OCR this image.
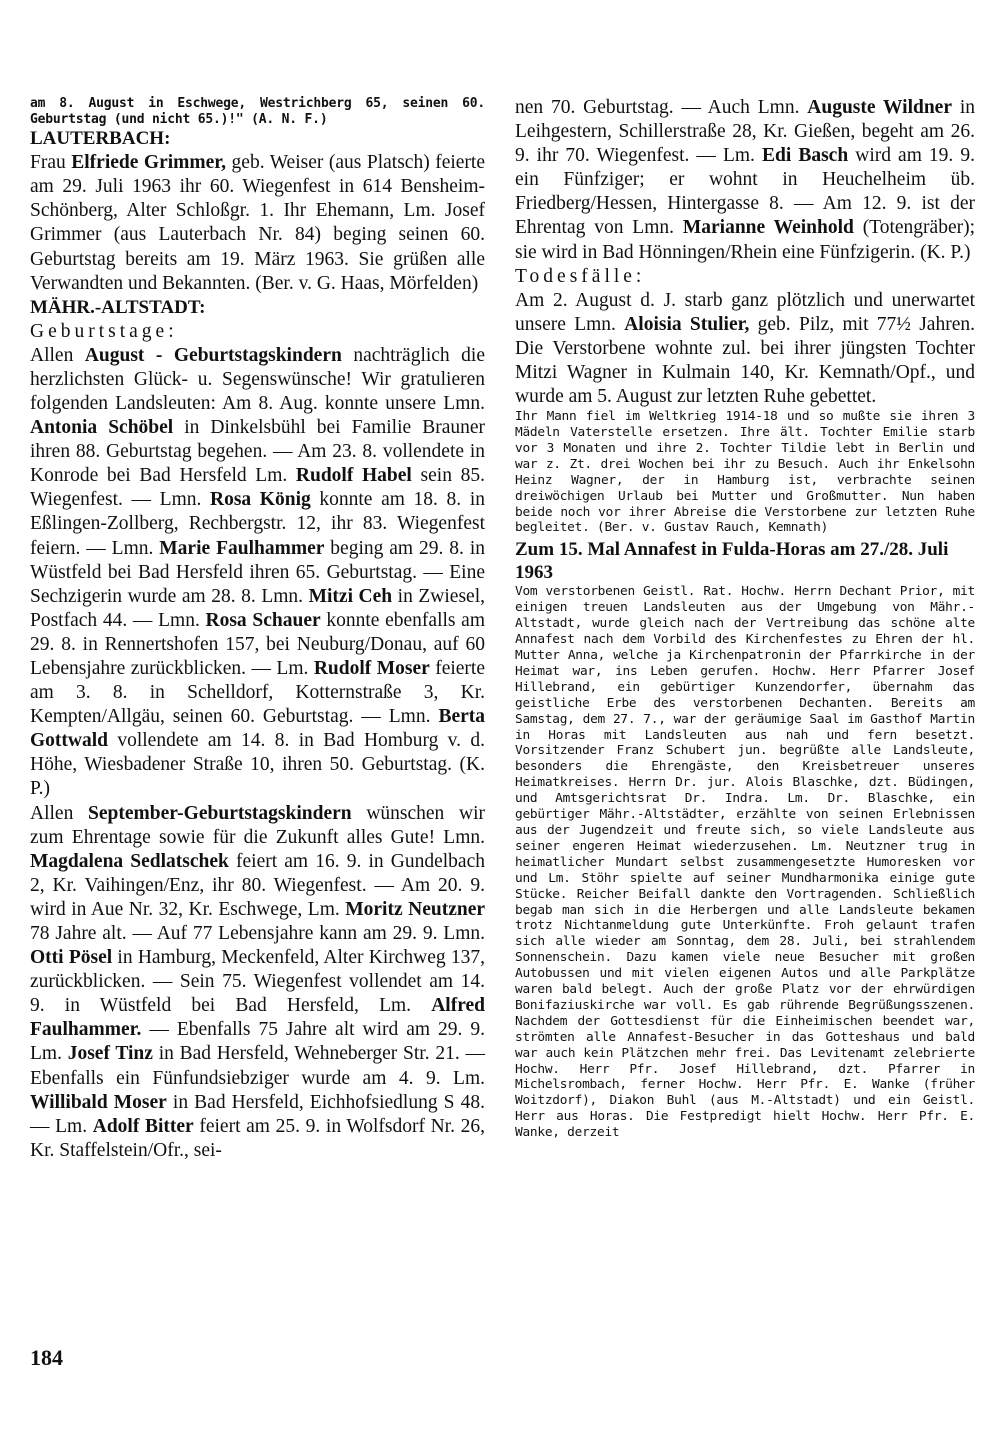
am 8. August in Eschwege, Westrichberg 65, seinen 60. Geburtstag (und nicht 65.)!" (A. N. F.)

LAUTERBACH:

Frau Elfriede Grimmer, geb. Weiser (aus Platsch) feierte am 29. Juli 1963 ihr 60. Wiegenfest in 614 Bensheim-Schönberg, Alter Schloßgr. 1. Ihr Ehemann, Lm. Josef Grimmer (aus Lauterbach Nr. 84) beging seinen 60. Geburtstag bereits am 19. März 1963. Sie grüßen alle Verwandten und Bekannten. (Ber. v. G. Haas, Mörfelden)

MÄHR.-ALTSTADT:
Geburtstage:

Allen August - Geburtstagskindern nachträglich die herzlichsten Glück- u. Segenswünsche! Wir gratulieren folgenden Landsleuten: Am 8. Aug. konnte unsere Lmn. Antonia Schöbel in Dinkelsbühl bei Familie Brauner ihren 88. Geburtstag begehen. — Am 23. 8. vollendete in Konrode bei Bad Hersfeld Lm. Rudolf Habel sein 85. Wiegenfest. — Lmn. Rosa König konnte am 18. 8. in Eßlingen-Zollberg, Rechbergstr. 12, ihr 83. Wiegenfest feiern. — Lmn. Marie Faulhammer beging am 29. 8. in Wüstfeld bei Bad Hersfeld ihren 65. Geburtstag. — Eine Sechzigerin wurde am 28. 8. Lmn. Mitzi Ceh in Zwiesel, Postfach 44. — Lmn. Rosa Schauer konnte ebenfalls am 29. 8. in Rennertshofen 157, bei Neuburg/Donau, auf 60 Lebensjahre zurückblicken. — Lm. Rudolf Moser feierte am 3. 8. in Schelldorf, Kotternstraße 3, Kr. Kempten/Allgäu, seinen 60. Geburtstag. — Lmn. Berta Gottwald vollendete am 14. 8. in Bad Homburg v. d. Höhe, Wiesbadener Straße 10, ihren 50. Geburtstag. (K. P.)

Allen September-Geburtstagskindern wünschen wir zum Ehrentage sowie für die Zukunft alles Gute! Lmn. Magdalena Sedlatschek feiert am 16. 9. in Gundelbach 2, Kr. Vaihingen/Enz, ihr 80. Wiegenfest. — Am 20. 9. wird in Aue Nr. 32, Kr. Eschwege, Lm. Moritz Neutzner 78 Jahre alt. — Auf 77 Lebensjahre kann am 29. 9. Lmn. Otti Pösel in Hamburg, Meckenfeld, Alter Kirchweg 137, zurückblicken. — Sein 75. Wiegenfest vollendet am 14. 9. in Wüstfeld bei Bad Hersfeld, Lm. Alfred Faulhammer. — Ebenfalls 75 Jahre alt wird am 29. 9. Lm. Josef Tinz in Bad Hersfeld, Wehneberger Str. 21. — Ebenfalls ein Fünfundsiebziger wurde am 4. 9. Lm. Willibald Moser in Bad Hersfeld, Eichhofsiedlung S 48. — Lm. Adolf Bitter feiert am 25. 9. in Wolfsdorf Nr. 26, Kr. Staffelstein/Ofr., sei-

nen 70. Geburtstag. — Auch Lmn. Auguste Wildner in Leihgestern, Schillerstraße 28, Kr. Gießen, begeht am 26. 9. ihr 70. Wiegenfest. — Lm. Edi Basch wird am 19. 9. ein Fünfziger; er wohnt in Heuchelheim üb. Friedberg/Hessen, Hintergasse 8. — Am 12. 9. ist der Ehrentag von Lmn. Marianne Weinhold (Totengräber); sie wird in Bad Hönningen/Rhein eine Fünfzigerin. (K. P.)

Todesfälle:

Am 2. August d. J. starb ganz plötzlich und unerwartet unsere Lmn. Aloisia Stulier, geb. Pilz, mit 77½ Jahren. Die Verstorbene wohnte zul. bei ihrer jüngsten Tochter Mitzi Wagner in Kulmain 140, Kr. Kemnath/Opf., und wurde am 5. August zur letzten Ruhe gebettet.

Ihr Mann fiel im Weltkrieg 1914-18 und so mußte sie ihren 3 Mädeln Vaterstelle ersetzen. Ihre ält. Tochter Emilie starb vor 3 Monaten und ihre 2. Tochter Tildie lebt in Berlin und war z. Zt. drei Wochen bei ihr zu Besuch. Auch ihr Enkelsohn Heinz Wagner, der in Hamburg ist, verbrachte seinen dreiwöchigen Urlaub bei Mutter und Großmutter. Nun haben beide noch vor ihrer Abreise die Verstorbene zur letzten Ruhe begleitet. (Ber. v. Gustav Rauch, Kemnath)

Zum 15. Mal Annafest in Fulda-Horas am 27./28. Juli 1963

Vom verstorbenen Geistl. Rat. Hochw. Herrn Dechant Prior, mit einigen treuen Landsleuten aus der Umgebung von Mähr.-Altstadt, wurde gleich nach der Vertreibung das schöne alte Annafest nach dem Vorbild des Kirchenfestes zu Ehren der hl. Mutter Anna, welche ja Kirchenpatronin der Pfarrkirche in der Heimat war, ins Leben gerufen. Hochw. Herr Pfarrer Josef Hillebrand, ein gebürtiger Kunzendorfer, übernahm das geistliche Erbe des verstorbenen Dechanten. Bereits am Samstag, dem 27. 7., war der geräumige Saal im Gasthof Martin in Horas mit Landsleuten aus nah und fern besetzt. Vorsitzender Franz Schubert jun. begrüßte alle Landsleute, besonders die Ehrengäste, den Kreisbetreuer unseres Heimatkreises. Herrn Dr. jur. Alois Blaschke, dzt. Büdingen, und Amtsgerichtsrat Dr. Indra. Lm. Dr. Blaschke, ein gebürtiger Mähr.-Altstädter, erzählte von seinen Erlebnissen aus der Jugendzeit und freute sich, so viele Landsleute aus seiner engeren Heimat wiederzusehen. Lm. Neutzner trug in heimatlicher Mundart selbst zusammengesetzte Humoresken vor und Lm. Stöhr spielte auf seiner Mundharmonika einige gute Stücke. Reicher Beifall dankte den Vortragenden. Schließlich begab man sich in die Herbergen und alle Landsleute bekamen trotz Nichtanmeldung gute Unterkünfte. Froh gelaunt trafen sich alle wieder am Sonntag, dem 28. Juli, bei strahlendem Sonnenschein. Dazu kamen viele neue Besucher mit großen Autobussen und mit vielen eigenen Autos und alle Parkplätze waren bald belegt. Auch der große Platz vor der ehrwürdigen Bonifaziuskirche war voll. Es gab rührende Begrüßungsszenen. Nachdem der Gottesdienst für die Einheimischen beendet war, strömten alle Annafest-Besucher in das Gotteshaus und bald war auch kein Plätzchen mehr frei. Das Levitenamt zelebrierte Hochw. Herr Pfr. Josef Hillebrand, dzt. Pfarrer in Michelsrombach, ferner Hochw. Herr Pfr. E. Wanke (früher Woitzdorf), Diakon Buhl (aus M.-Altstadt) und ein Geistl. Herr aus Horas. Die Festpredigt hielt Hochw. Herr Pfr. E. Wanke, derzeit

184
